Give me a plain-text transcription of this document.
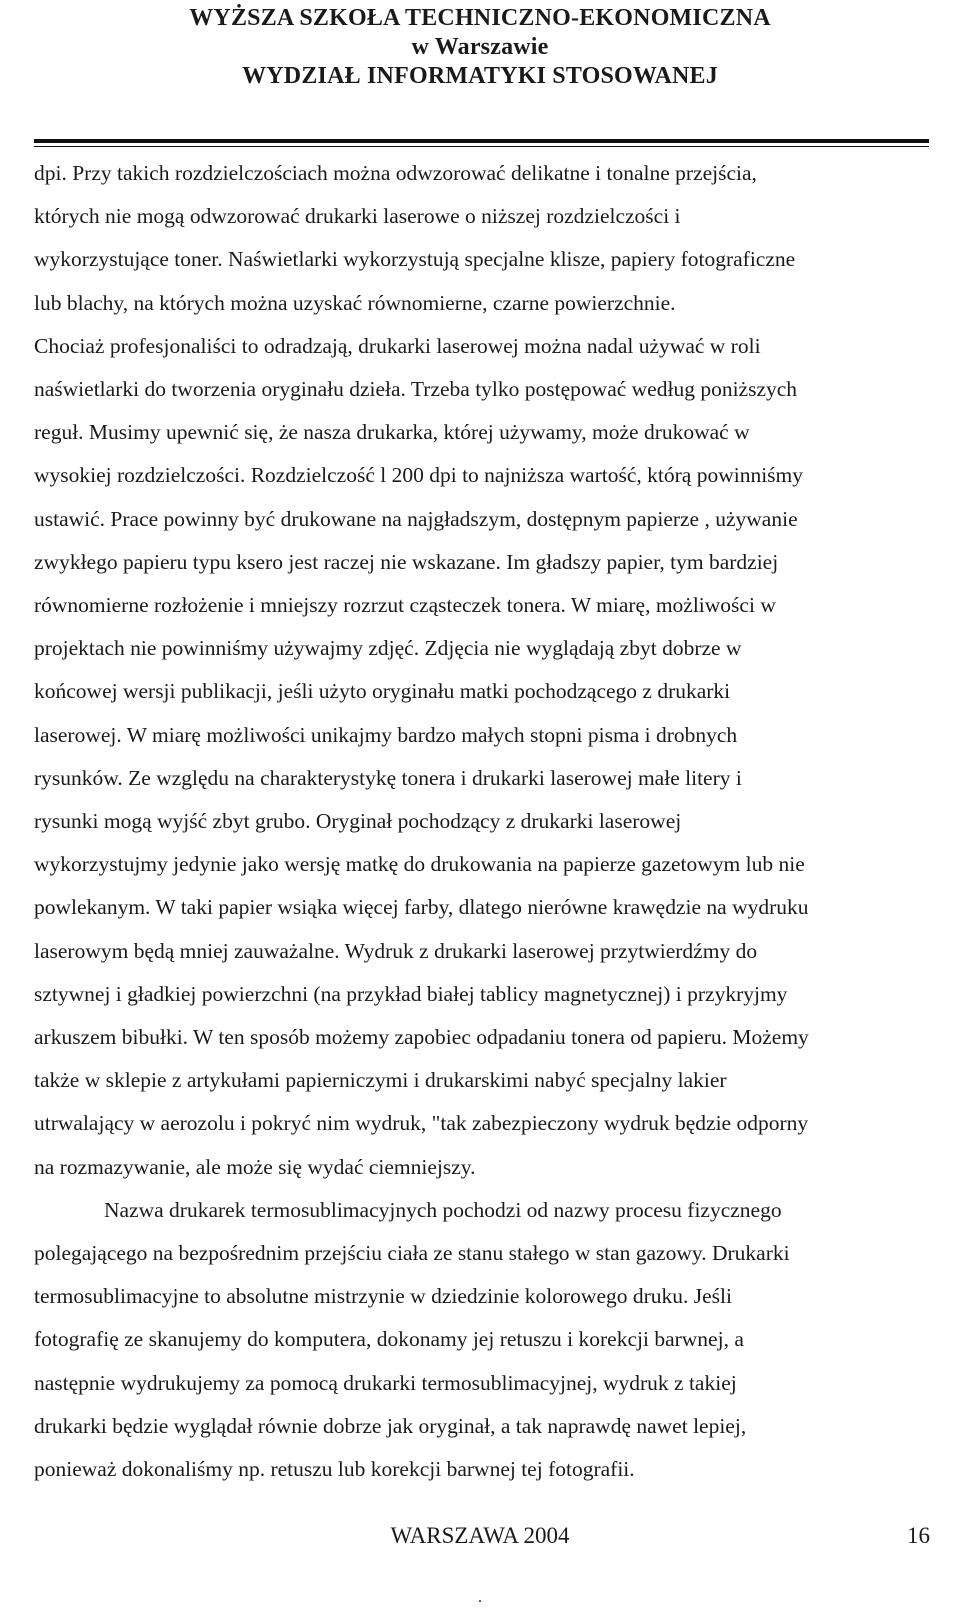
WYŻSZA SZKOŁA TECHNICZNO-EKONOMICZNA
w Warszawie
WYDZIAŁ INFORMATYKI STOSOWANEJ
dpi. Przy takich rozdzielczościach można odwzorować delikatne i tonalne przejścia,
których nie mogą odwzorować drukarki laserowe o niższej rozdzielczości i
wykorzystujące toner. Naświetlarki wykorzystują specjalne klisze, papiery fotograficzne
lub blachy, na których można uzyskać równomierne, czarne powierzchnie.
Chociaż profesjonaliści to odradzają, drukarki laserowej można nadal używać w roli
naświetlarki do tworzenia oryginału dzieła. Trzeba tylko postępować według poniższych
reguł. Musimy upewnić się, że nasza drukarka, której używamy, może drukować w
wysokiej rozdzielczości. Rozdzielczość l 200 dpi to najniższa wartość, którą powinniśmy
ustawić. Prace powinny być drukowane na najgładszym, dostępnym papierze , używanie
zwykłego papieru typu ksero jest raczej nie wskazane. Im gładszy papier, tym bardziej
równomierne rozłożenie i mniejszy rozrzut cząsteczek tonera. W miarę, możliwości w
projektach nie powinniśmy używajmy zdjęć. Zdjęcia nie wyglądają zbyt dobrze w
końcowej wersji publikacji, jeśli użyto oryginału matki pochodzącego z drukarki
laserowej. W miarę możliwości unikajmy bardzo małych stopni pisma i drobnych
rysunków. Ze względu na charakterystykę tonera i drukarki laserowej małe litery i
rysunki mogą wyjść zbyt grubo. Oryginał pochodzący z drukarki laserowej
wykorzystujmy jedynie jako wersję matkę do drukowania na papierze gazetowym lub nie
powlekanym. W taki papier wsiąka więcej farby, dlatego nierówne krawędzie na wydruku
laserowym będą mniej zauważalne. Wydruk z drukarki laserowej przytwierdźmy do
sztywnej i gładkiej powierzchni (na przykład białej tablicy magnetycznej) i przykryjmy
arkuszem bibułki. W ten sposób możemy zapobiec odpadaniu tonera od papieru. Możemy
także w sklepie z artykułami papierniczymi i drukarskimi nabyć specjalny lakier
utrwalający w aerozolu i pokryć nim wydruk, "tak zabezpieczony wydruk będzie odporny
na rozmazywanie, ale może się wydać ciemniejszy.
Nazwa drukarek termosublimacyjnych pochodzi od nazwy procesu fizycznego
polegającego na bezpośrednim przejściu ciała ze stanu stałego w stan gazowy. Drukarki
termosublimacyjne to absolutne mistrzynie w dziedzinie kolorowego druku. Jeśli
fotografię ze skanujemy do komputera, dokonamy jej retuszu i korekcji barwnej, a
następnie wydrukujemy za pomocą drukarki termosublimacyjnej, wydruk z takiej
drukarki będzie wyglądał równie dobrze jak oryginał, a tak naprawdę nawet lepiej,
ponieważ dokonaliśmy np. retuszu lub korekcji barwnej tej fotografii.
WARSZAWA 2004	16
.
